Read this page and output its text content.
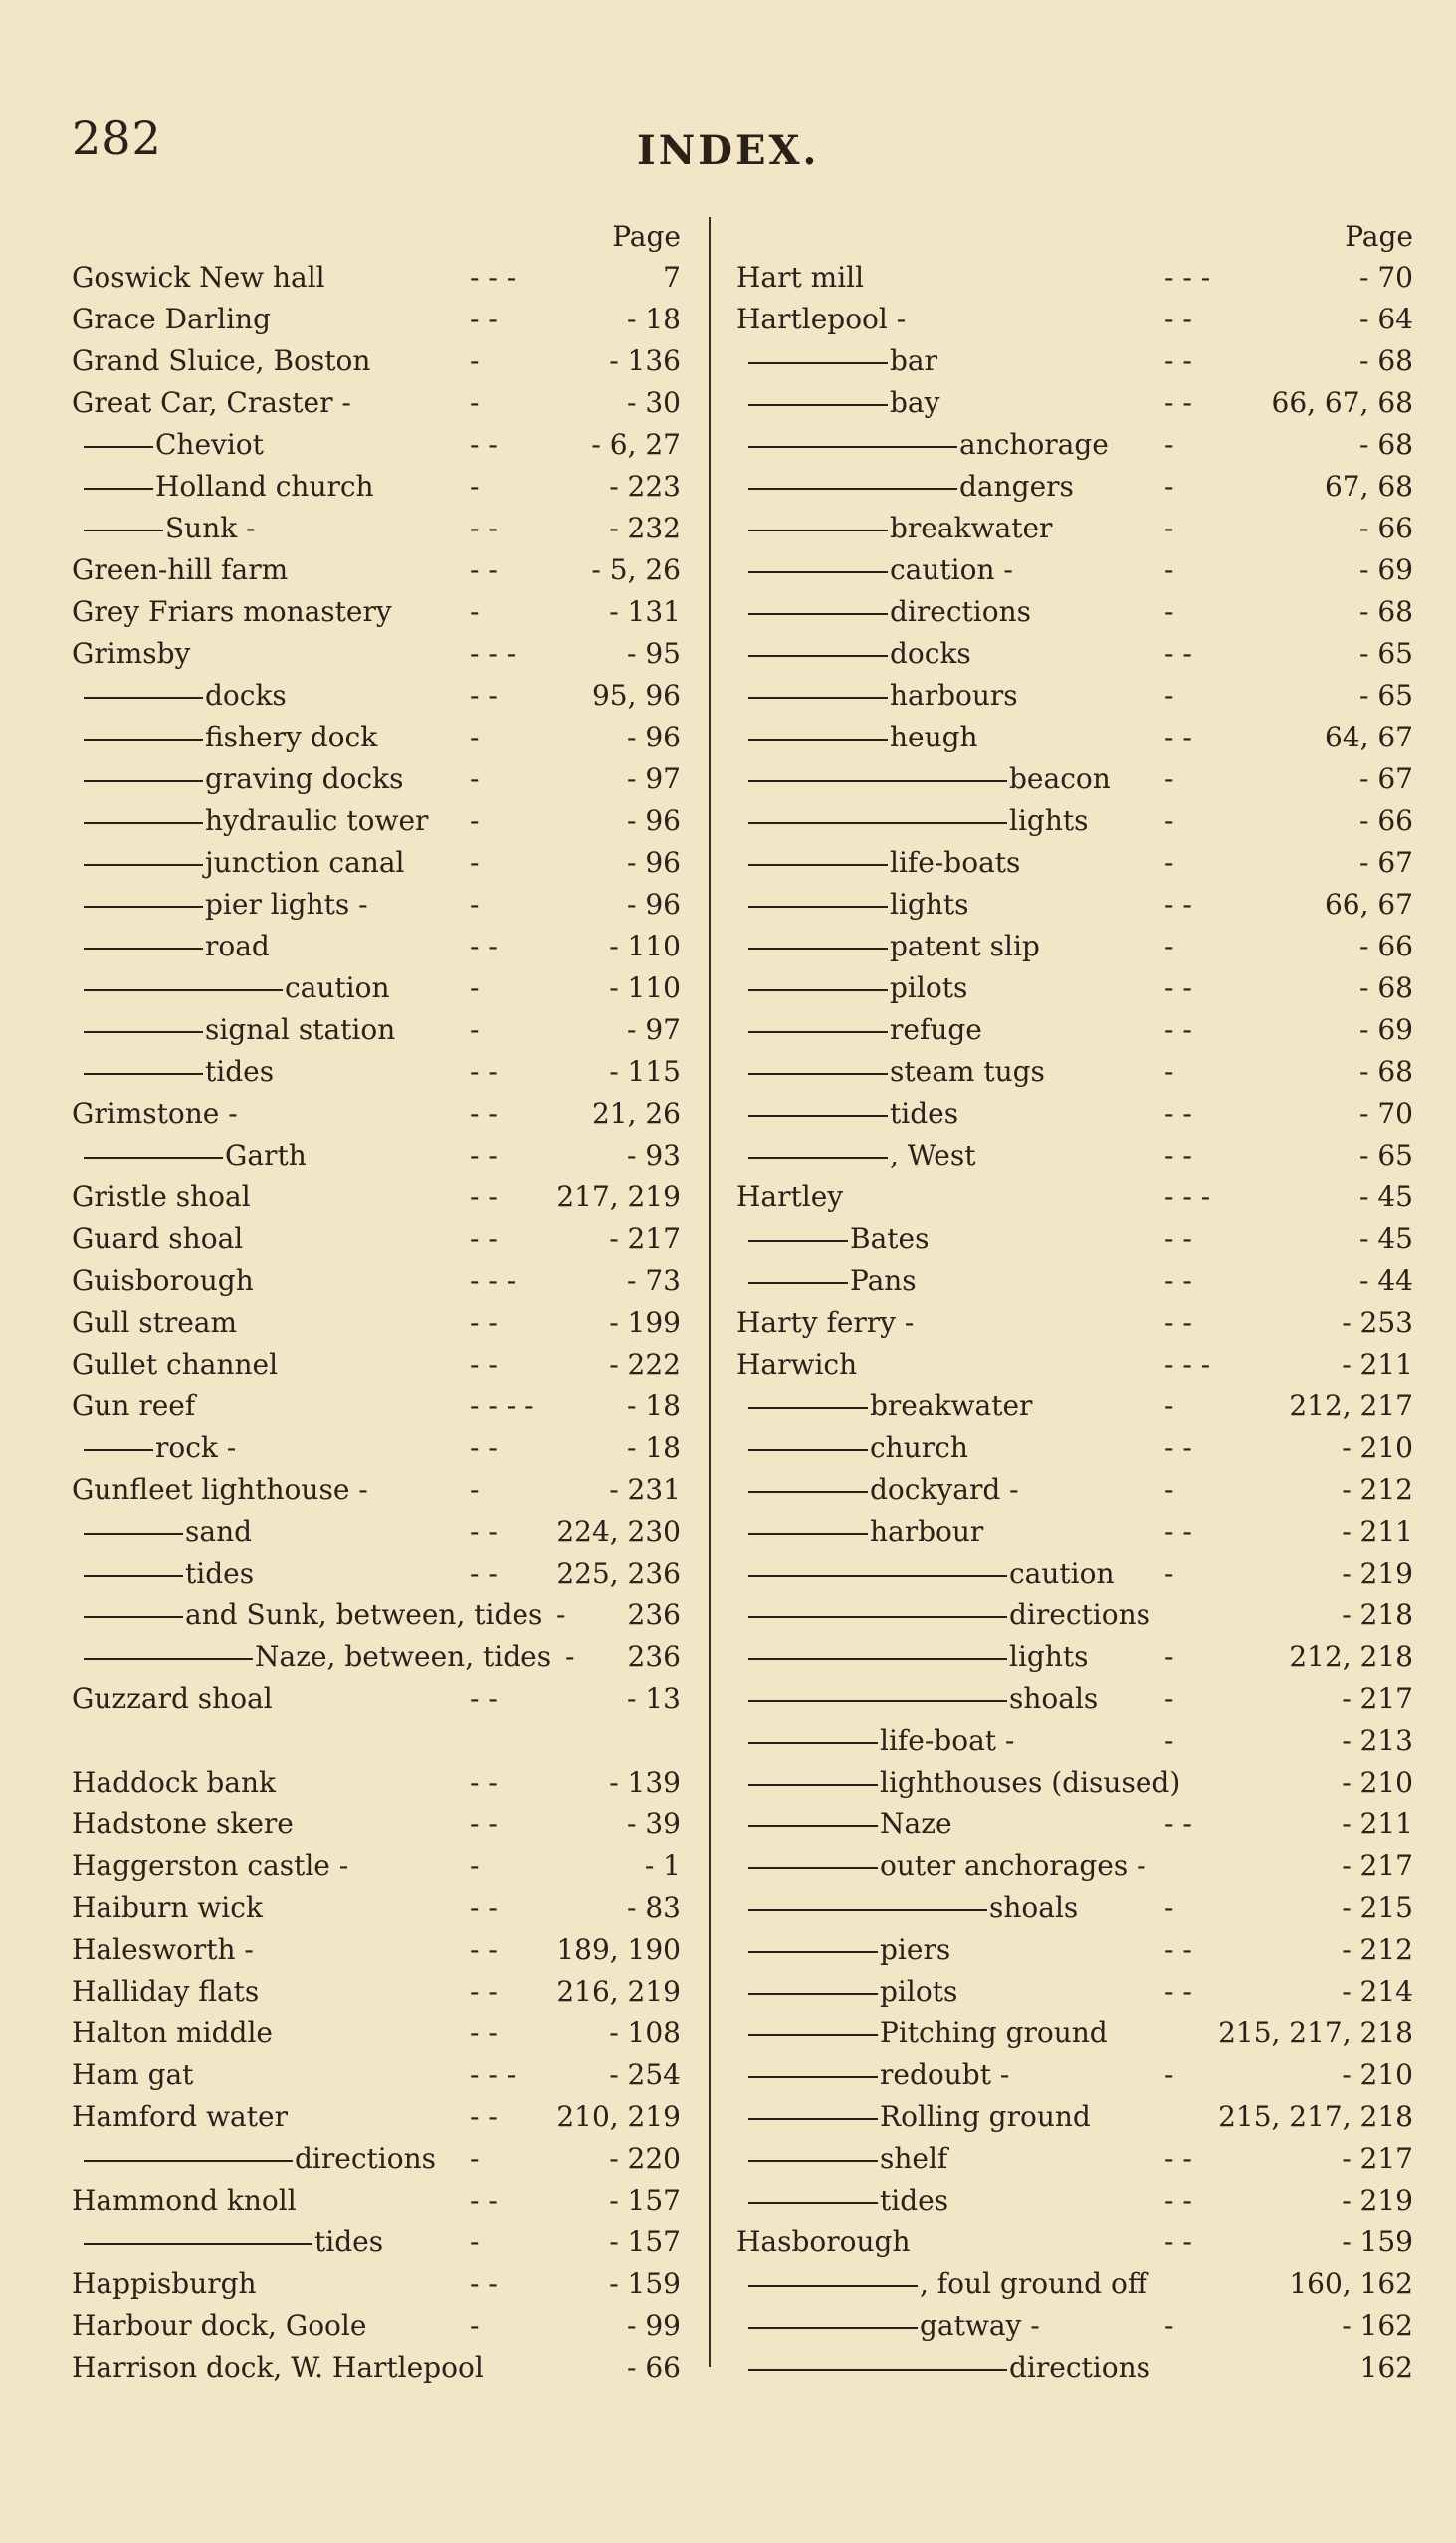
282	INDEX.
Page
Goswick New hall	- - -	7
Grace Darling	- -	- 18
Grand Sluice, Boston	-	- 136
Great Car, Craster -	-	- 30
Cheviot	- -	- 6, 27
Holland church	-	- 223
Sunk -	- -	- 232
Green-hill farm	- -	- 5, 26
Grey Friars monastery	-	- 131
Grimsby	- - -	- 95
docks	- -	95, 96
fishery dock	-	- 96
graving docks -	- 97
hydraulic tower -	- 96
junction canal -	- 96
pier lights -	-	- 96
road	- -	- 110
caution	-	- 110
signal station	-	- 97
tides	- -	- 115
Grimstone -	- -	21, 26
Garth	- -	- 93
Gristle shoal	- - 217, 219
Guard shoal	- -	- 217
Guisborough	- - -	- 73
Gull stream	- -	- 199
Gullet channel	- -	- 222
Gun reef	- - - -	- 18
rock -	- -	- 18
Gunfleet lighthouse -	-	- 231
sand	- - 224, 230
tides	- - 225, 236
and Sunk, between, tides - 236
Naze, between, tides - 236
Guzzard shoal	- -	- 13
Haddock bank	- -	- 139
Hadstone skere	- -	- 39
Haggerston castle -	-	- 1
Haiburn wick	- -	- 83
Halesworth -	- - 189, 190
Halliday flats	- - 216, 219
Halton middle	- -	- 108
Ham gat	- - -	- 254
Hamford water	- - 210, 219
directions -	- 220
Hammond knoll	- -	- 157
tides	-	- 157
Happisburgh	- -	- 159
Harbour dock, Goole	-	- 99
Harrison dock, W. Hartlepool	- 66
Page
Hart mill	- - -	- 70
Hartlepool -	- -	- 64
bar	- -	- 68
bay	- -	66, 67, 68
anchorage -	- 68
dangers	-	67, 68
breakwater	-	- 66
caution -	-	- 69
directions	-	- 68
docks	- -	- 65
harbours	-	- 65
heugh	- -	64, 67
beacon -	- 67
lights	-	- 66
life-boats	-	- 67
lights	- -	66, 67
patent slip	-	- 66
pilots	- -	- 68
refuge	- -	- 69
steam tugs	-	- 68
tides	- -	- 70
, West	- -	- 65
Hartley	- - -	- 45
Bates	- -	- 45
Pans	- -	- 44
Harty ferry -	- -	- 253
Harwich	- - -	- 211
breakwater	-	212, 217
church	- -	- 210
dockyard -	-	- 212
harbour	- -	- 211
caution -	- 219
directions	- 218
lights	-	212, 218
shoals -	- 217
life-boat -	-	- 213
lighthouses (disused)	- 210
Naze	- -	- 211
outer anchorages -	- 217
shoals	-	- 215
piers	- -	- 212
pilots	- -	- 214
Pitching ground	215, 217, 218
redoubt -	-	- 210
Rolling ground	215, 217, 218
shelf	- -	- 217
tides	- -	- 219
Hasborough	- -	- 159
, foul ground off	160, 162
gatway -	-	- 162
directions	162
